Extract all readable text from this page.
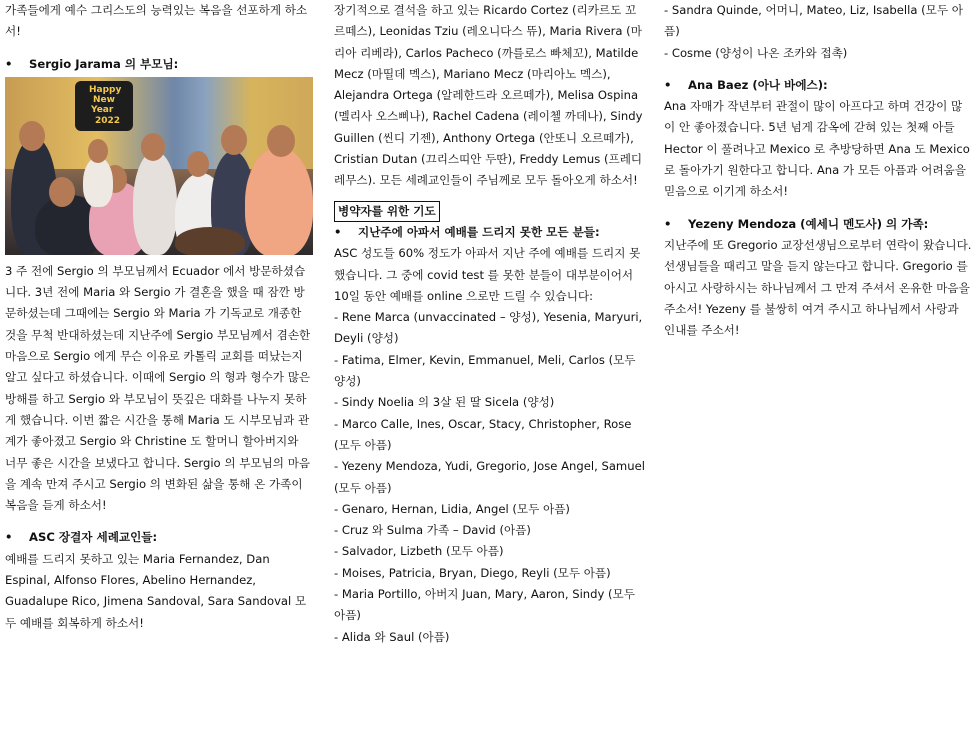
가족들에게 예수 그리스도의 능력있는 복음을 선포하게 하소서!

• Sergio Jarama 의 부모님:

Happy
New
Year
2022

3 주 전에 Sergio 의 부모님께서 Ecuador 에서 방문하셨습니다. 3년 전에 Maria 와 Sergio 가 결혼을 했을 때 잠깐 방문하셨는데 그때에는 Sergio 와 Maria 가 기독교로 개종한 것을 무척 반대하셨는데 지난주에 Sergio 부모님께서 겸손한 마음으로 Sergio 에게 무슨 이유로 카톨릭 교회를 떠났는지 알고 싶다고 하셨습니다. 이때에 Sergio 의 형과 형수가 많은 방해를 하고 Sergio 와 부모님이 뜻깊은 대화를 나누지 못하게 했습니다. 이번 짧은 시간을 통해 Maria 도 시부모님과 관계가 좋아졌고 Sergio 와 Christine 도 할머니 할아버지와 너무 좋은 시간을 보냈다고 합니다. Sergio 의 부모님의 마음을 계속 만져 주시고 Sergio 의 변화된 삶을 통해 온 가족이 복음을 듣게 하소서!

• ASC 장결자 세례교인들:

예배를 드리지 못하고 있는 Maria Fernandez, Dan Espinal, Alfonso Flores, Abelino Hernandez, Guadalupe Rico, Jimena Sandoval, Sara Sandoval 모두 예배를 회복하게 하소서!

장기적으로 결석을 하고 있는 Ricardo Cortez (리카르도 꼬르떼스), Leonidas Tziu (레오니다스 뜌), Maria Rivera (마리아 리베라), Carlos Pacheco (까를로스 빠체꼬), Matilde Mecz (마띨데 멕스), Mariano Mecz (마리아노 멕스), Alejandra Ortega (알레한드라 오르떼가), Melisa Ospina (멜리사 오스삐나), Rachel Cadena (레이첼 까데나), Sindy Guillen (씬디 기젠), Anthony Ortega (안또니 오르떼가), Cristian Dutan (끄리스띠안 두딴), Freddy Lemus (프레디 레무스). 모든 세례교인들이 주님께로 모두 돌아오게 하소서!

병약자를 위한 기도

• 지난주에 아파서 예배를 드리지 못한 모든 분들:

ASC 성도들 60% 정도가 아파서 지난 주에 예배를 드리지 못했습니다. 그 중에 covid test 를 못한 분들이 대부분이어서 10일 동안 예배를 online 으로만 드릴 수 있습니다:

- Rene Marca (unvaccinated – 양성), Yesenia, Maryuri, Deyli (양성)

- Fatima, Elmer, Kevin, Emmanuel, Meli, Carlos (모두 양성)

- Sindy Noelia 의 3살 된 딸 Sicela (양성)

- Marco Calle, Ines, Oscar, Stacy, Christopher, Rose (모두 아픔)

- Yezeny Mendoza, Yudi, Gregorio, Jose Angel, Samuel (모두 아픔)

- Genaro, Hernan, Lidia, Angel (모두 아픔)

- Cruz 와 Sulma 가족 – David (아픔)

- Salvador, Lizbeth (모두 아픔)

- Moises, Patricia, Bryan, Diego, Reyli (모두 아픔)

- Maria Portillo, 아버지 Juan, Mary, Aaron, Sindy (모두 아픔)

- Alida 와 Saul (아픔)

- Sandra Quinde, 어머니, Mateo, Liz, Isabella (모두 아픔)

- Cosme (양성이 나온 조카와 접촉)

• Ana Baez (아나 바에스):

Ana 자매가 작년부터 관절이 많이 아프다고 하며 건강이 많이 안 좋아졌습니다. 5년 넘게 감옥에 갇혀 있는 첫째 아들 Hector 이 풀려나고 Mexico 로 추방당하면 Ana 도 Mexico 로 돌아가기 원한다고 합니다. Ana 가 모든 아픔과 어려움을 믿음으로 이기게 하소서!

• Yezeny Mendoza (예세니 멘도사) 의 가족:

지난주에 또 Gregorio 교장선생님으로부터 연락이 왔습니다. 선생님들을 때리고 말을 듣지 않는다고 합니다. Gregorio 를 아시고 사랑하시는 하나님께서 그 만져 주셔서 온유한 마음을 주소서! Yezeny 를 불쌍히 여겨 주시고 하나님께서 사랑과 인내를 주소서!
